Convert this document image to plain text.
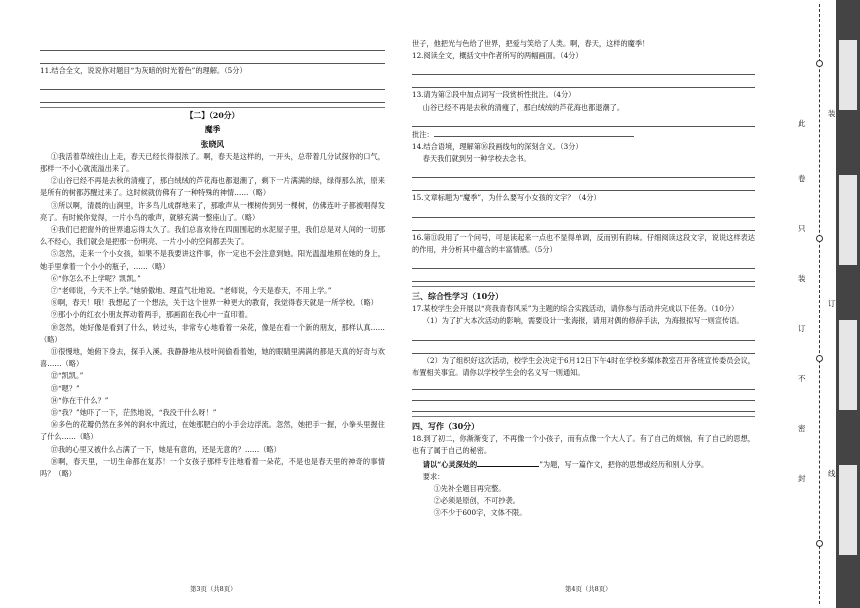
11.结合全文，说说你对题目“为灰暗的时光着色”的理解。（5分）

【二】（20分）

魔季

张晓风

①我活着草绒往山上走，春天已经长得很浓了。啊，春天是这样的，一开头，总带着几分试探你的口气，那样一不小心就流溢出来了。

②山谷已经不再是去秋的清瘦了，那白绒绒的芦花海也都退潮了，剩下一片满满的绿，绿得那么浓，原来是所有的树都苏醒过来了。这时候就仿佛有了一种特殊的神情……（略）

③所以啊，清晨的山涧里，许多鸟儿成群地来了，那歌声从一棵树传到另一棵树，仿佛连叶子都被唱得发亮了。有时候你觉得，一片小鸟的歌声，就够充满一整座山了。（略）

④我们已把窗外的世界遗忘得太久了。我们总喜欢待在四面围起的水泥屋子里，我们总是对人间的一切那么不经心，我们就会是把那一份明亮、一片小小的空间都丢失了。

⑤忽然，走来一个小女孩，如果不是我要讲这件事，你一定也不会注意到她。阳光温温地照在她的身上，她手里拿着一个小小的瓶子，……（略）

⑥“你怎么不上学呢？凯凯。”

⑦“老师说，今天不上学。”她骄傲地、理直气壮地说。“老师说，今天是春天，不用上学。”

⑧啊，春天！哦！我想起了一个想法，关于这个世界一种更大的教育，我觉得春天就是一所学校。（略）

⑨那小小的红衣小朋友挥动着两手，那画面在我心中一直印着。

⑩忽然，她好像是看到了什么，转过头，非常专心地看着一朵花，像是在看一个新的朋友，那样认真……（略）

⑪很慢地，她俯下身去，探手入溪。我静静地从枝叶间偷看着她，她的眼睛里满满的都是天真的好奇与欢喜……（略）

⑫“凯凯。”

⑬“嗯？”

⑭“你在干什么？”

⑮“我？”她吓了一下，茫然地说，“我没干什么呀！”

⑯多色的花瓣仍然在多舛的涧水中流过，在她那肥白的小手会边浮流。忽然，她把手一握，小拳头里握住了什么……（略）

⑰我的心里又被什么占满了一下，她是有意的，还是无意的？……（略）

⑱啊，春天里，一切生命都在复苏！一个女孩子那样专注地看着一朵花，不是也是春天里的神奇的事情吗？（略）

第3页（共8页）

世子，他把光与色给了世界，把爱与笑给了人类。啊，春天，这样的魔季！

12.阅读全文，概括文中作者所写的两幅画面。（4分）

13.请为第②段中加点词写一段赏析性批注。（4分）

山谷已经不再是去秋的清瘦了，那白绒绒的芦花海也都退潮了。

批注：

14.结合语境，理解第⑯段画线句的深刻含义。（3分）

春天我们就到另一种学校去念书。

15.文章标题为“魔季”，为什么要写小女孩的文字？（4分）

16.第⑪段用了一个问号，可是读起来一点也不显得单调，反而别有韵味。仔细阅读这段文字，说说这样表达的作用，并分析其中蕴含的丰富情感。（5分）

三、综合性学习（10分）

17.某校学生会开展以“亮我青春风采”为主题的综合实践活动，请你参与活动并完成以下任务。（10分）

（1）为了扩大本次活动的影响，需要设计一张海报，请用对偶的修辞手法，为海报拟写一则宣传语。

（2）为了组织好这次活动，校学生会决定于6月12日下午4时在学校多媒体教室召开各班宣传委员会议，布置相关事宜。请你以学校学生会的名义写一则通知。

四、写作（30分）

18.到了初二，你渐渐变了，不再像一个小孩子，而有点像一个大人了。有了自己的烦恼，有了自己的思想，也有了属于自己的秘密。

请以“心灵深处的	”为题，写一篇作文，把你的思想或经历和别人分享。

要求：

①先补全题目再完整。

②必须是原创，不可抄袭。

③不少于600字，文体不限。

第4页（共8页）
此
卷
只
装
订
不
密
封
装
订
线
